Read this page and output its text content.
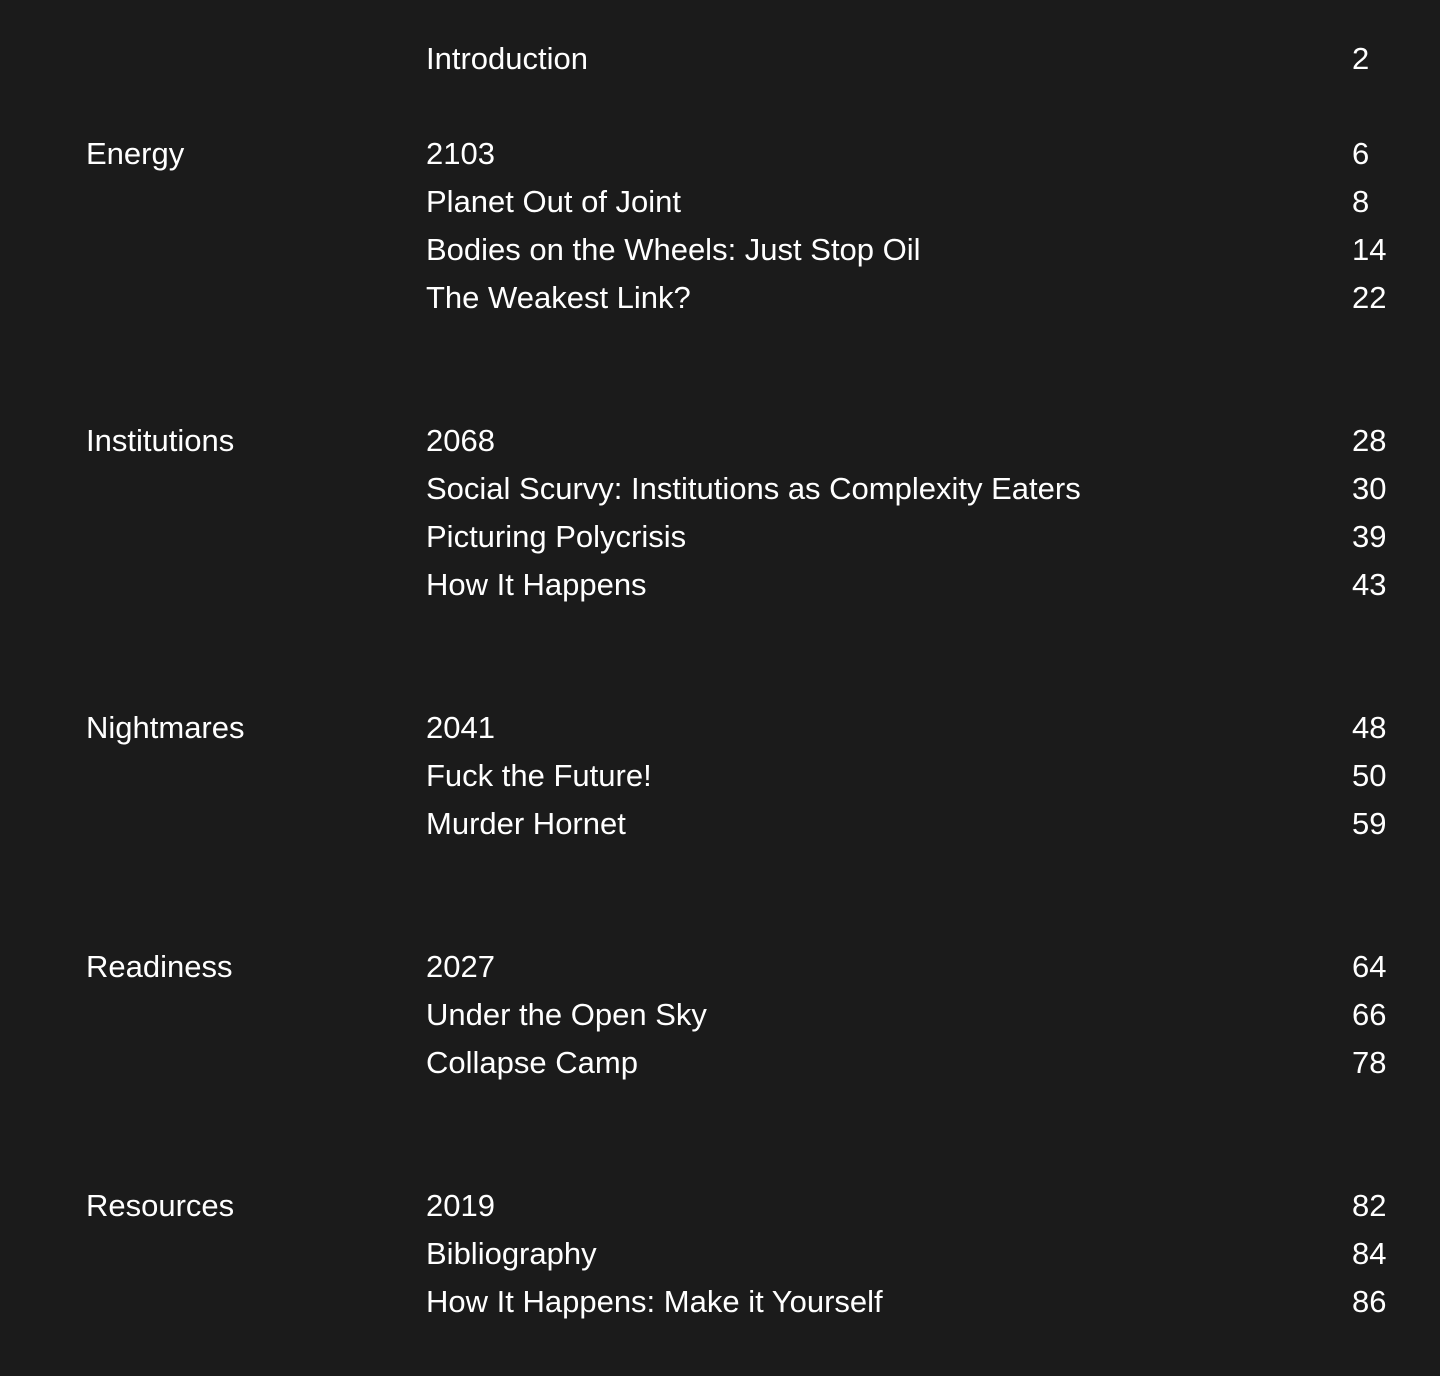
Introduction	2
Energy	2103	6
Planet Out of Joint	8
Bodies on the Wheels: Just Stop Oil	14
The Weakest Link?	22
Institutions	2068	28
Social Scurvy: Institutions as Complexity Eaters	30
Picturing Polycrisis	39
How It Happens	43
Nightmares	2041	48
Fuck the Future!	50
Murder Hornet	59
Readiness	2027	64
Under the Open Sky	66
Collapse Camp	78
Resources	2019	82
Bibliography	84
How It Happens: Make it Yourself	86
